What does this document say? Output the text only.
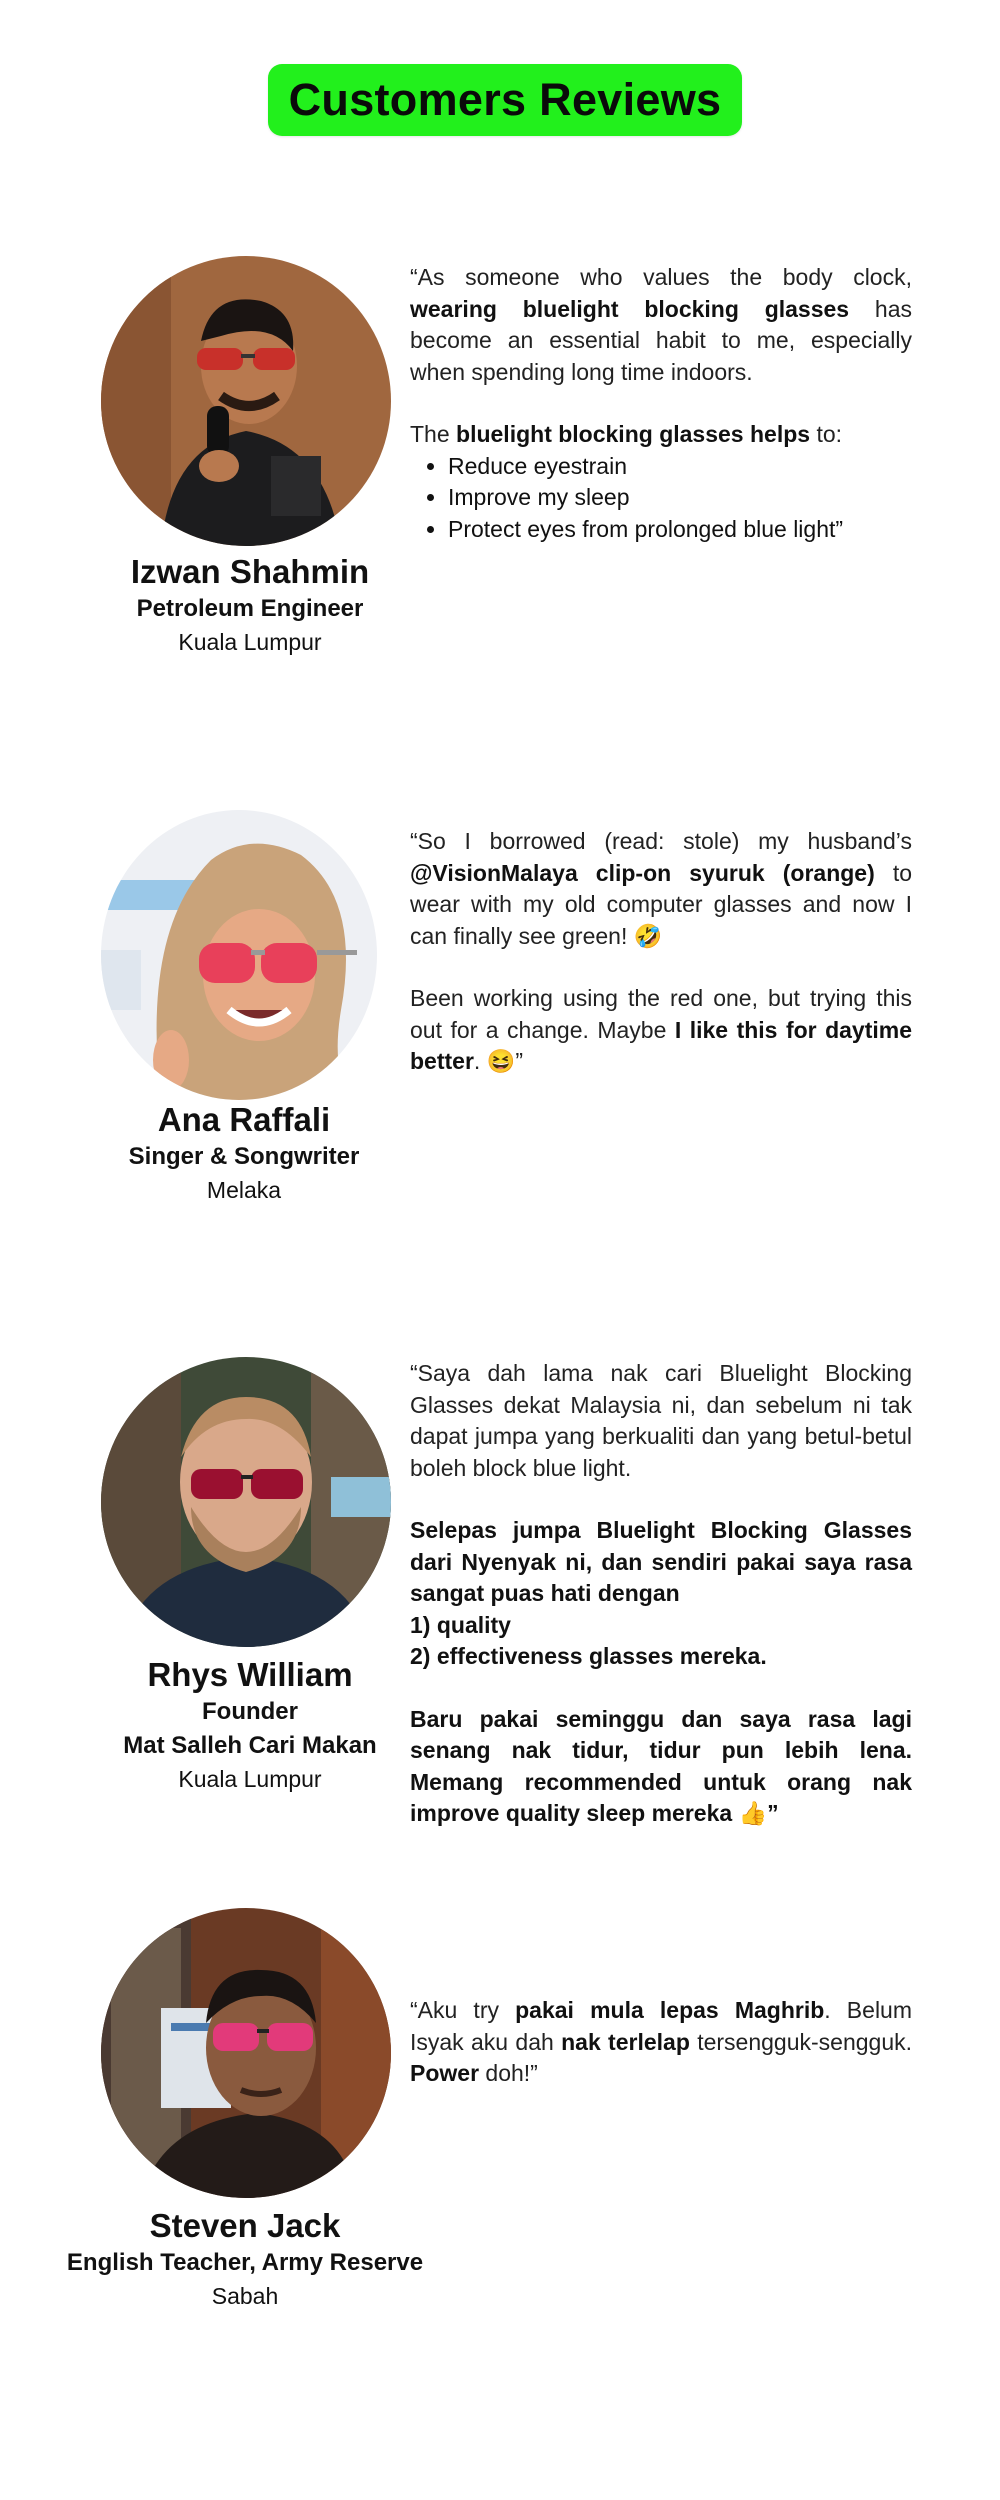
Customers Reviews
Izwan Shahmin
Petroleum Engineer
Kuala Lumpur

“As someone who values the body clock, wearing bluelight blocking glasses has become an essential habit to me, especially when spending long time indoors.

The bluelight blocking glasses helps to:

• Reduce eyestrain
• Improve my sleep
• Protect eyes from prolonged blue light”
Ana Raffali
Singer & Songwriter
Melaka

“So I borrowed (read: stole) my husband’s @VisionMalaya clip-on syuruk (orange) to wear with my old computer glasses and now I can finally see green! 🤣

Been working using the red one, but trying this out for a change. Maybe I like this for daytime better. 😆”

Rhys William
Founder
Mat Salleh Cari Makan
Kuala Lumpur

“Saya dah lama nak cari Bluelight Blocking Glasses dekat Malaysia ni, dan sebelum ni tak dapat jumpa yang berkualiti dan yang betul-betul boleh block blue light.

Selepas jumpa Bluelight Blocking Glasses dari Nyenyak ni, dan sendiri pakai saya rasa sangat puas hati dengan

1) quality

2) effectiveness glasses mereka.

Baru pakai seminggu dan saya rasa lagi senang nak tidur, tidur pun lebih lena. Memang recommended untuk orang nak improve quality sleep mereka 👍”

Steven Jack
English Teacher, Army Reserve
Sabah

“Aku try pakai mula lepas Maghrib. Belum Isyak aku dah nak terlelap tersengguk-sengguk. Power doh!”
